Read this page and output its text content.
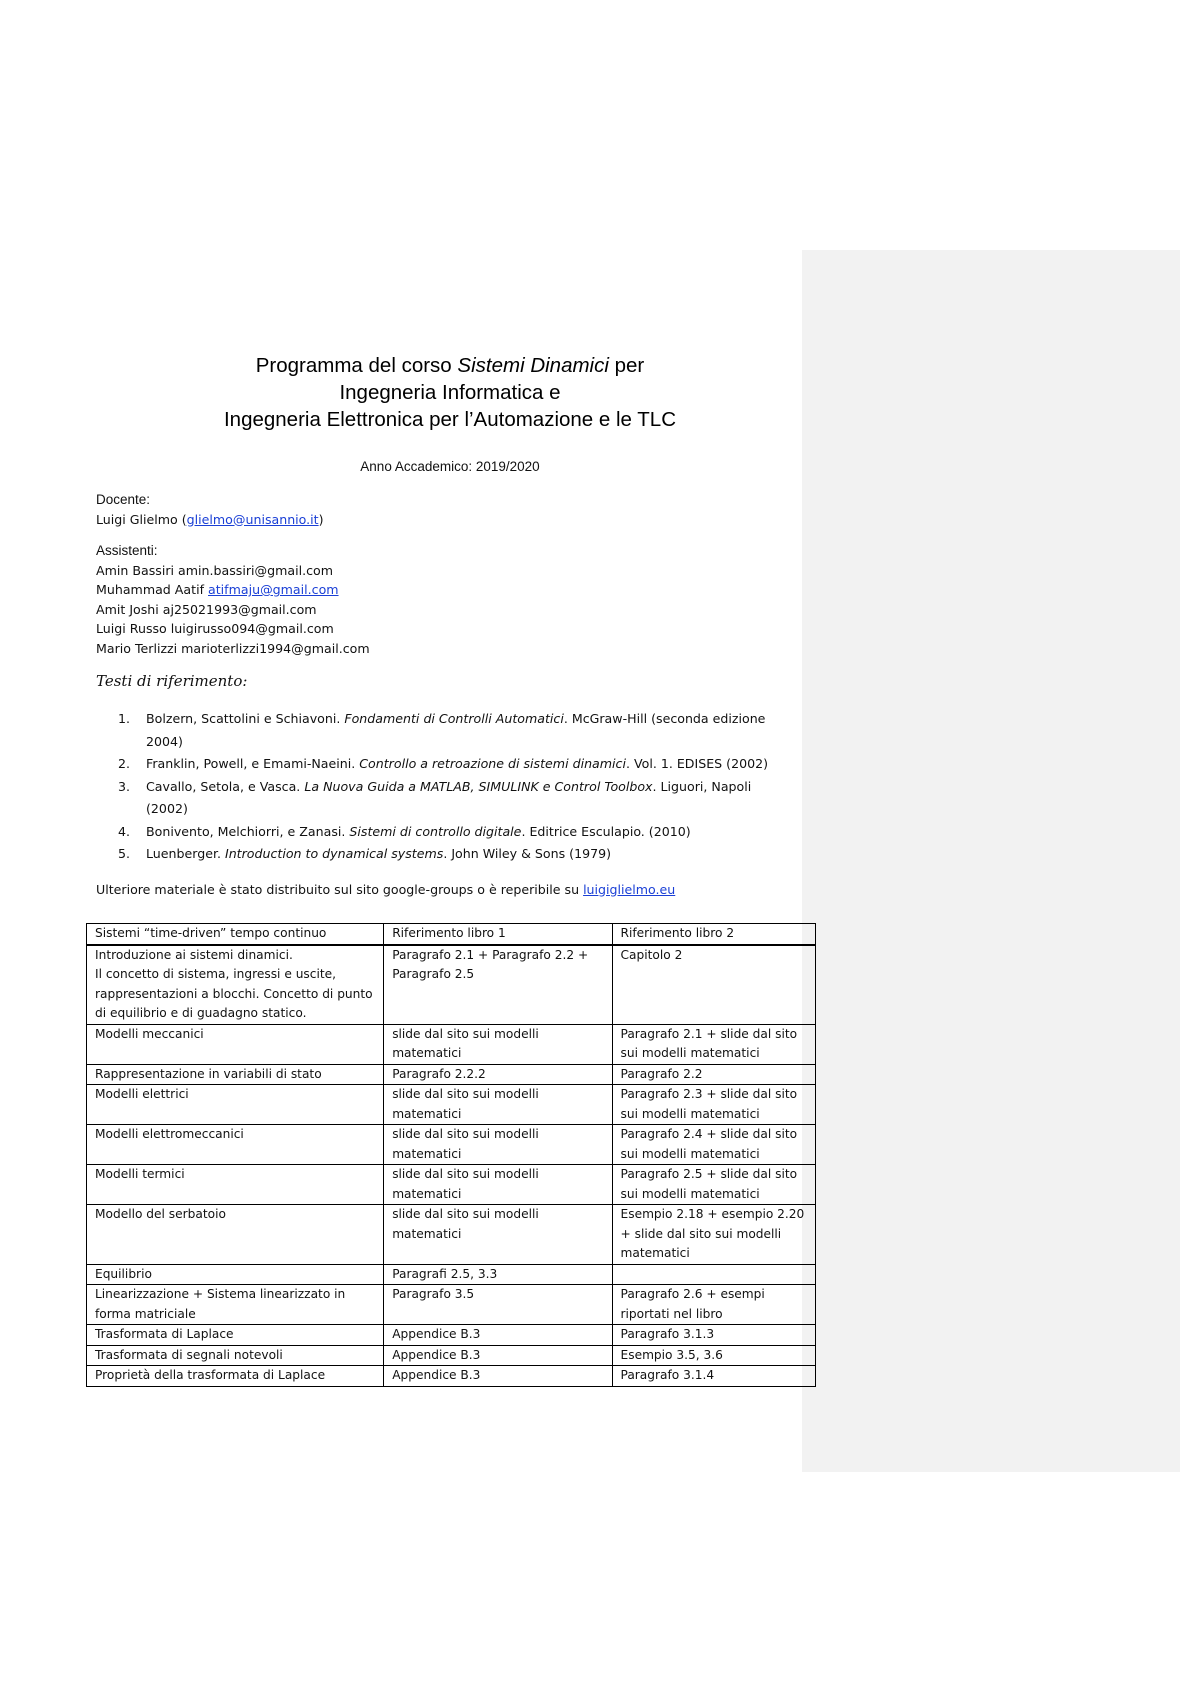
Programma del corso Sistemi Dinamici per
Ingegneria Informatica e
Ingegneria Elettronica per l’Automazione e le TLC
Anno Accademico: 2019/2020
Docente:
Luigi Glielmo (glielmo@unisannio.it)
Assistenti:
Amin Bassiri amin.bassiri@gmail.com
Muhammad Aatif atifmaju@gmail.com
Amit Joshi aj25021993@gmail.com
Luigi Russo luigirusso094@gmail.com
Mario Terlizzi marioterlizzi1994@gmail.com
Testi di riferimento:
Bolzern, Scattolini e Schiavoni. Fondamenti di Controlli Automatici. McGraw-Hill (seconda edizione 2004)
Franklin, Powell, e Emami-Naeini. Controllo a retroazione di sistemi dinamici. Vol. 1. EDISES (2002)
Cavallo, Setola, e Vasca. La Nuova Guida a MATLAB, SIMULINK e Control Toolbox. Liguori, Napoli (2002)
Bonivento, Melchiorri, e Zanasi. Sistemi di controllo digitale. Editrice Esculapio. (2010)
Luenberger. Introduction to dynamical systems. John Wiley & Sons (1979)
Ulteriore materiale è stato distribuito sul sito google-groups o è reperibile su luigiglielmo.eu
Sistemi “time-driven” tempo continuo	Riferimento libro 1	Riferimento libro 2
Introduzione ai sistemi dinamici.
Il concetto di sistema, ingressi e uscite, rappresentazioni a blocchi. Concetto di punto di equilibrio e di guadagno statico.	Paragrafo 2.1 + Paragrafo 2.2 + Paragrafo 2.5	Capitolo 2
Modelli meccanici	slide dal sito sui modelli matematici	Paragrafo 2.1 + slide dal sito sui modelli matematici
Rappresentazione in variabili di stato	Paragrafo 2.2.2	Paragrafo 2.2
Modelli elettrici	slide dal sito sui modelli matematici	Paragrafo 2.3 + slide dal sito sui modelli matematici
Modelli elettromeccanici	slide dal sito sui modelli matematici	Paragrafo 2.4 + slide dal sito sui modelli matematici
Modelli termici	slide dal sito sui modelli matematici	Paragrafo 2.5 + slide dal sito sui modelli matematici
Modello del serbatoio	slide dal sito sui modelli matematici	Esempio 2.18 + esempio 2.20 + slide dal sito sui modelli matematici
Equilibrio	Paragrafi 2.5, 3.3	
Linearizzazione + Sistema linearizzato in forma matriciale	Paragrafo 3.5	Paragrafo 2.6 + esempi riportati nel libro
Trasformata di Laplace	Appendice B.3	Paragrafo 3.1.3
Trasformata di segnali notevoli	Appendice B.3	Esempio 3.5, 3.6
Proprietà della trasformata di Laplace	Appendice B.3	Paragrafo 3.1.4
